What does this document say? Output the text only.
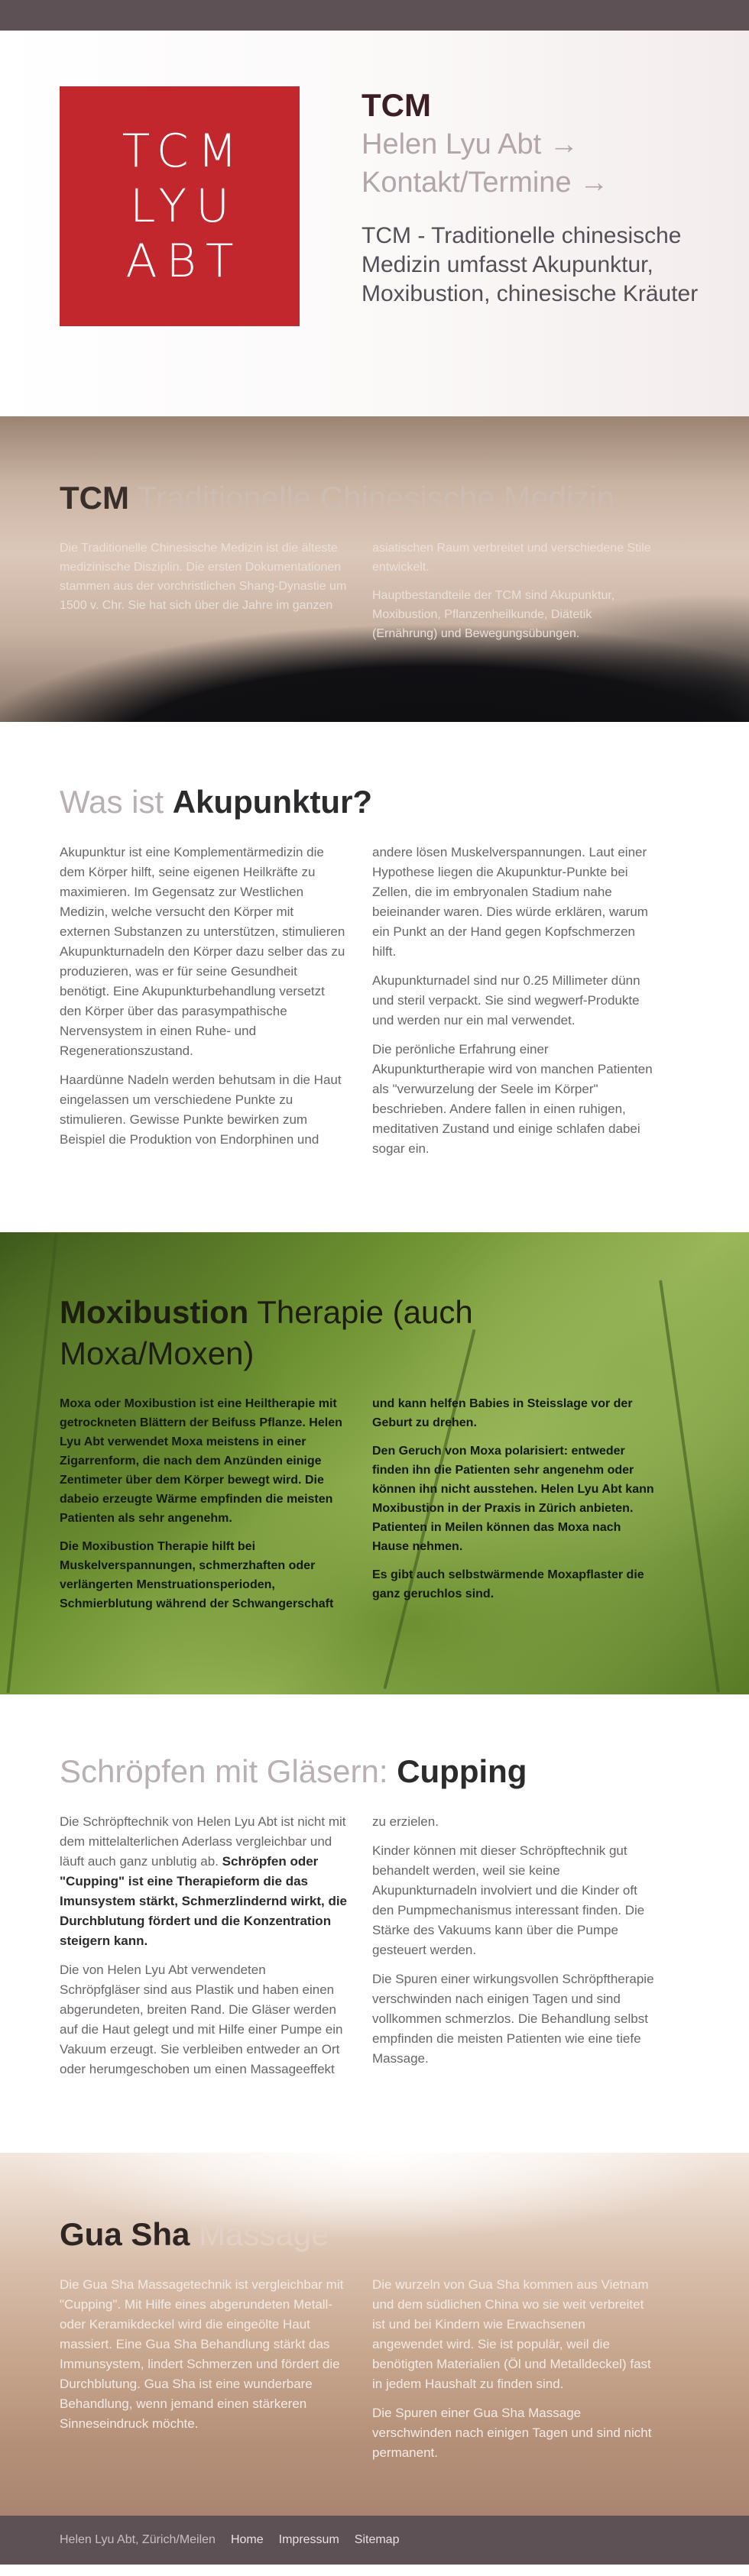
TCM
LYU
ABT
TCM
Helen Lyu Abt →
Kontakt/Termine →
TCM - Traditionelle chinesische Medizin umfasst Akupunktur, Moxibustion, chinesische Kräuter
TCM Traditionelle Chinesische Medizin

Die Traditionelle Chinesische Medizin ist die älteste medizinische Disziplin. Die ersten Dokumentationen stammen aus der vorchristlichen Shang-Dynastie um 1500 v. Chr. Sie hat sich über die Jahre im ganzen

asiatischen Raum verbreitet und verschiedene Stile entwickelt.

Hauptbestandteile der TCM sind Akupunktur, Moxibustion, Pflanzenheilkunde, Diätetik (Ernährung) und Bewegungsübungen.

Was ist Akupunktur?

Akupunktur ist eine Komplementärmedizin die dem Körper hilft, seine eigenen Heilkräfte zu maximieren. Im Gegensatz zur Westlichen Medizin, welche versucht den Körper mit externen Substanzen zu unterstützen, stimulieren Akupunkturnadeln den Körper dazu selber das zu produzieren, was er für seine Gesundheit benötigt. Eine Akupunkturbehandlung versetzt den Körper über das parasympathische Nervensystem in einen Ruhe- und Regenerationszustand.

Haardünne Nadeln werden behutsam in die Haut eingelassen um verschiedene Punkte zu stimulieren. Gewisse Punkte bewirken zum Beispiel die Produktion von Endorphinen und

andere lösen Muskelverspannungen. Laut einer Hypothese liegen die Akupunktur-Punkte bei Zellen, die im embryonalen Stadium nahe beieinander waren. Dies würde erklären, warum ein Punkt an der Hand gegen Kopfschmerzen hilft.

Akupunkturnadel sind nur 0.25 Millimeter dünn und steril verpackt. Sie sind wegwerf-Produkte und werden nur ein mal verwendet.

Die perönliche Erfahrung einer Akupunkturtherapie wird von manchen Patienten als "verwurzelung der Seele im Körper" beschrieben. Andere fallen in einen ruhigen, meditativen Zustand und einige schlafen dabei sogar ein.

Moxibustion Therapie (auch Moxa/Moxen)

Moxa oder Moxibustion ist eine Heiltherapie mit getrockneten Blättern der Beifuss Pflanze. Helen Lyu Abt verwendet Moxa meistens in einer Zigarrenform, die nach dem Anzünden einige Zentimeter über dem Körper bewegt wird. Die dabeio erzeugte Wärme empfinden die meisten Patienten als sehr angenehm.

Die Moxibustion Therapie hilft bei Muskelverspannungen, schmerzhaften oder verlängerten Menstruationsperioden, Schmierblutung während der Schwangerschaft

und kann helfen Babies in Steisslage vor der Geburt zu drehen.

Den Geruch von Moxa polarisiert: entweder finden ihn die Patienten sehr angenehm oder können ihn nicht ausstehen. Helen Lyu Abt kann Moxibustion in der Praxis in Zürich anbieten. Patienten in Meilen können das Moxa nach Hause nehmen.

Es gibt auch selbstwärmende Moxapflaster die ganz geruchlos sind.

Schröpfen mit Gläsern: Cupping

Die Schröpftechnik von Helen Lyu Abt ist nicht mit dem mittelalterlichen Aderlass vergleichbar und läuft auch ganz unblutig ab. Schröpfen oder "Cupping" ist eine Therapieform die das Imunsystem stärkt, Schmerzlindernd wirkt, die Durchblutung fördert und die Konzentration steigern kann.

Die von Helen Lyu Abt verwendeten Schröpfgläser sind aus Plastik und haben einen abgerundeten, breiten Rand. Die Gläser werden auf die Haut gelegt und mit Hilfe einer Pumpe ein Vakuum erzeugt. Sie verbleiben entweder an Ort oder herumgeschoben um einen Massageeffekt

zu erzielen.

Kinder können mit dieser Schröpftechnik gut behandelt werden, weil sie keine Akupunkturnadeln involviert und die Kinder oft den Pumpmechanismus interessant finden. Die Stärke des Vakuums kann über die Pumpe gesteuert werden.

Die Spuren einer wirkungsvollen Schröpftherapie verschwinden nach einigen Tagen und sind vollkommen schmerzlos. Die Behandlung selbst empfinden die meisten Patienten wie eine tiefe Massage.

Gua Sha Massage

Die Gua Sha Massagetechnik ist vergleichbar mit "Cupping". Mit Hilfe eines abgerundeten Metall- oder Keramikdeckel wird die eingeölte Haut massiert. Eine Gua Sha Behandlung stärkt das Immunsystem, lindert Schmerzen und fördert die Durchblutung. Gua Sha ist eine wunderbare Behandlung, wenn jemand einen stärkeren Sinneseindruck möchte.

Die wurzeln von Gua Sha kommen aus Vietnam und dem südlichen China wo sie weit verbreitet ist und bei Kindern wie Erwachsenen angewendet wird. Sie ist populär, weil die benötigten Materialien (Öl und Metalldeckel) fast in jedem Haushalt zu finden sind.

Die Spuren einer Gua Sha Massage verschwinden nach einigen Tagen und sind nicht permanent.

Helen Lyu Abt, Zürich/Meilen Home Impressum Sitemap
